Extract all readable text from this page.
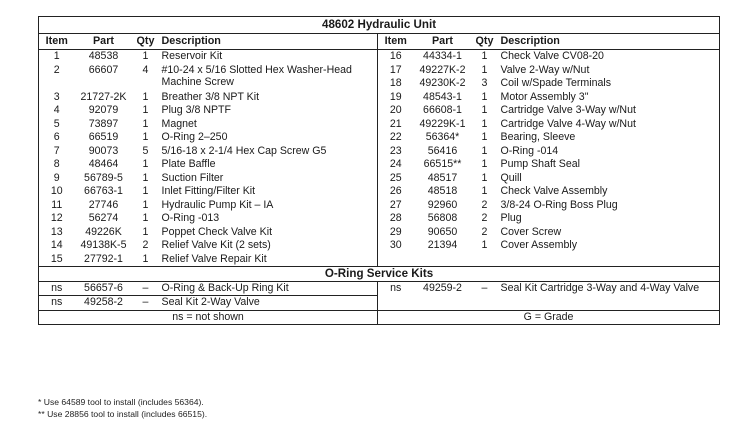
48602 Hydraulic Unit							
Item	Part	Qty	Description	Item	Part	Qty	Description
1	48538	1	Reservoir Kit	16	44334-1	1	Check Valve CV08-20
2	66607	4	#10-24 x 5/16 Slotted Hex Washer-Head Machine Screw	17	49227K-2	1	Valve 2-Way w/Nut
				18	49230K-2	3	Coil w/Spade Terminals
3	21727-2K	1	Breather 3/8 NPT Kit	19	48543-1	1	Motor Assembly 3"
4	92079	1	Plug 3/8 NPTF	20	66608-1	1	Cartridge Valve 3-Way w/Nut
5	73897	1	Magnet	21	49229K-1	1	Cartridge Valve 4-Way w/Nut
6	66519	1	O-Ring 2–250	22	56364*	1	Bearing, Sleeve
7	90073	5	5/16-18 x 2-1/4 Hex Cap Screw G5	23	56416	1	O-Ring -014
8	48464	1	Plate Baffle	24	66515**	1	Pump Shaft Seal
9	56789-5	1	Suction Filter	25	48517	1	Quill
10	66763-1	1	Inlet Fitting/Filter Kit	26	48518	1	Check Valve Assembly
11	27746	1	Hydraulic Pump Kit – IA	27	92960	2	3/8-24 O-Ring Boss Plug
12	56274	1	O-Ring -013	28	56808	2	Plug
13	49226K	1	Poppet Check Valve Kit	29	90650	2	Cover Screw
14	49138K-5	2	Relief Valve Kit (2 sets)	30	21394	1	Cover Assembly
15	27792-1	1	Relief Valve Repair Kit				
O-Ring Service Kits							
ns	56657-6	–	O-Ring & Back-Up Ring Kit	ns	49259-2	–	Seal Kit Cartridge 3-Way and 4-Way Valve
ns	49258-2	–	Seal Kit 2-Way Valve				
ns = not shown				G = Grade			
* Use 64589 tool to install (includes 56364).
** Use 28856 tool to install (includes 66515).
